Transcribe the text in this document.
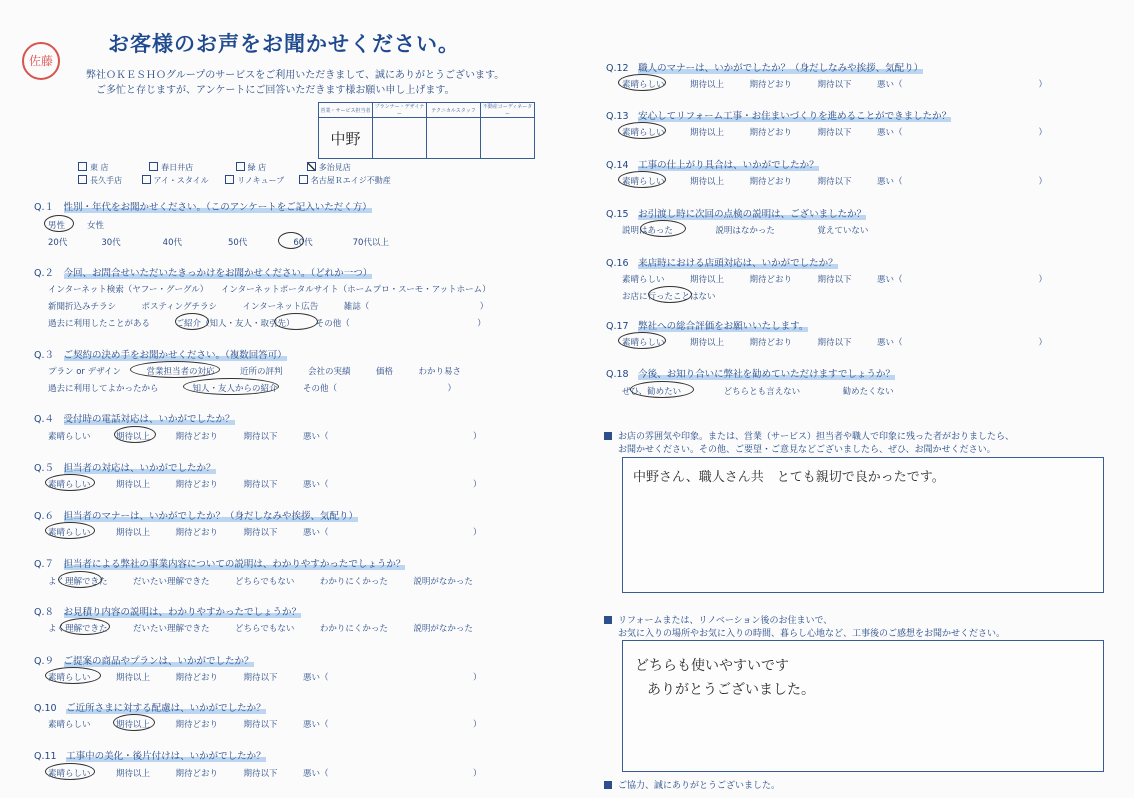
佐藤
お客様のお声をお聞かせください。
弊社ＯＫＥＳＨＯグループのサービスをご利用いただきまして、誠にありがとうございます。
ご多忙と存じますが、アンケートにご回答いただきます様お願い申し上げます。
営業・サービス担当者	プランナー・デザイナー	テクニカルスタッフ	不動産コーディネーター
中野			
東 店	春日井店	緑 店	多治見店
長久手店	アイ・スタイル	リノキューブ	名古屋Ｒエイジ不動産
Q.１　 性別・年代をお聞かせください。（このアンケートをご記入いただく方）
男性	女性
20代	30代	40代	50代	60代	70代以上
Q.２　 今回、お問合せいただいたきっかけをお聞かせください。（どれか一つ）
インターネット検索（ヤフー・グーグル）　　インターネットポータルサイト（ホームプロ・スーモ・アットホーム）
新聞折込みチラシ　　　ポスティングチラシ　　　インターネット広告　　　雑誌（　　　　　　　　　　　　　）
過去に利用したことがある　　　ご紹介（知人・友人・取引先）　　　その他（　　　　　　　　　　　　　　　）
Q.３　 ご契約の決め手をお聞かせください。（複数回答可）
プラン or デザイン　　　営業担当者の対応　　　近所の評判　　　会社の実績　　　価格　　　わかり易さ
過去に利用してよかったから　　　　知人・友人からの紹介　　　その他（　　　　　　　　　　　　　）
Q.４　 受付時の電話対応は、いかがでしたか？
素晴らしい　　　期待以上　　　期待どおり　　　期待以下　　　悪い（　　　　　　　　　　　　　　　　　）
Q.５　 担当者の対応は、いかがでしたか？
素晴らしい　　　期待以上　　　期待どおり　　　期待以下　　　悪い（　　　　　　　　　　　　　　　　　）
Q.６　 担当者のマナーは、いかがでしたか？（身だしなみや挨拶、気配り）
素晴らしい　　　期待以上　　　期待どおり　　　期待以下　　　悪い（　　　　　　　　　　　　　　　　　）
Q.７　 担当者による弊社の事業内容についての説明は、わかりやすかったでしょうか？
よく理解できた　　　だいたい理解できた　　　どちらでもない　　　わかりにくかった　　　説明がなかった
Q.８　 お見積り内容の説明は、わかりやすかったでしょうか？
よく理解できた　　　だいたい理解できた　　　どちらでもない　　　わかりにくかった　　　説明がなかった
Q.９　 ご提案の商品やプランは、いかがでしたか？
素晴らしい　　　期待以上　　　期待どおり　　　期待以下　　　悪い（　　　　　　　　　　　　　　　　　）
Q.10　 ご近所さまに対する配慮は、いかがでしたか？
素晴らしい　　　期待以上　　　期待どおり　　　期待以下　　　悪い（　　　　　　　　　　　　　　　　　）
Q.11　 工事中の美化・後片付けは、いかがでしたか？
素晴らしい　　　期待以上　　　期待どおり　　　期待以下　　　悪い（　　　　　　　　　　　　　　　　　）
Q.12　 職人のマナーは、いかがでしたか？（身だしなみや挨拶、気配り）
素晴らしい　　　期待以上　　　期待どおり　　　期待以下　　　悪い（　　　　　　　　　　　　　　　　）
Q.13　 安心してリフォーム工事・お住まいづくりを進めることができましたか？
素晴らしい　　　期待以上　　　期待どおり　　　期待以下　　　悪い（　　　　　　　　　　　　　　　　）
Q.14　 工事の仕上がり具合は、いかがでしたか？
素晴らしい　　　期待以上　　　期待どおり　　　期待以下　　　悪い（　　　　　　　　　　　　　　　　）
Q.15　 お引渡し時に次回の点検の説明は、ございましたか？
説明はあった　　　　　説明はなかった　　　　　覚えていない
Q.16　 来店時における店頭対応は、いかがでしたか？
素晴らしい　　　期待以上　　　期待どおり　　　期待以下　　　悪い（　　　　　　　　　　　　　　　　）
お店に行ったことはない
Q.17　 弊社への総合評価をお願いいたします。
素晴らしい　　　期待以上　　　期待どおり　　　期待以下　　　悪い（　　　　　　　　　　　　　　　　）
Q.18　 今後、お知り合いに弊社を勧めていただけますでしょうか？
ぜひ、勧めたい　　　　　どちらとも言えない　　　　　勧めたくない
お店の雰囲気や印象。または、営業（サービス）担当者や職人で印象に残った者がおりましたら、
お聞かせください。その他、ご要望・ご意見などございましたら、ぜひ、お聞かせください。
中野さん、職人さん共　とても親切で良かったです。
リフォームまたは、リノベーション後のお住まいで、
お気に入りの場所やお気に入りの時間、暮らし心地など、工事後のご感想をお聞かせください。
どちらも使いやすいです
ありがとうございました。
ご協力、誠にありがとうございました。
